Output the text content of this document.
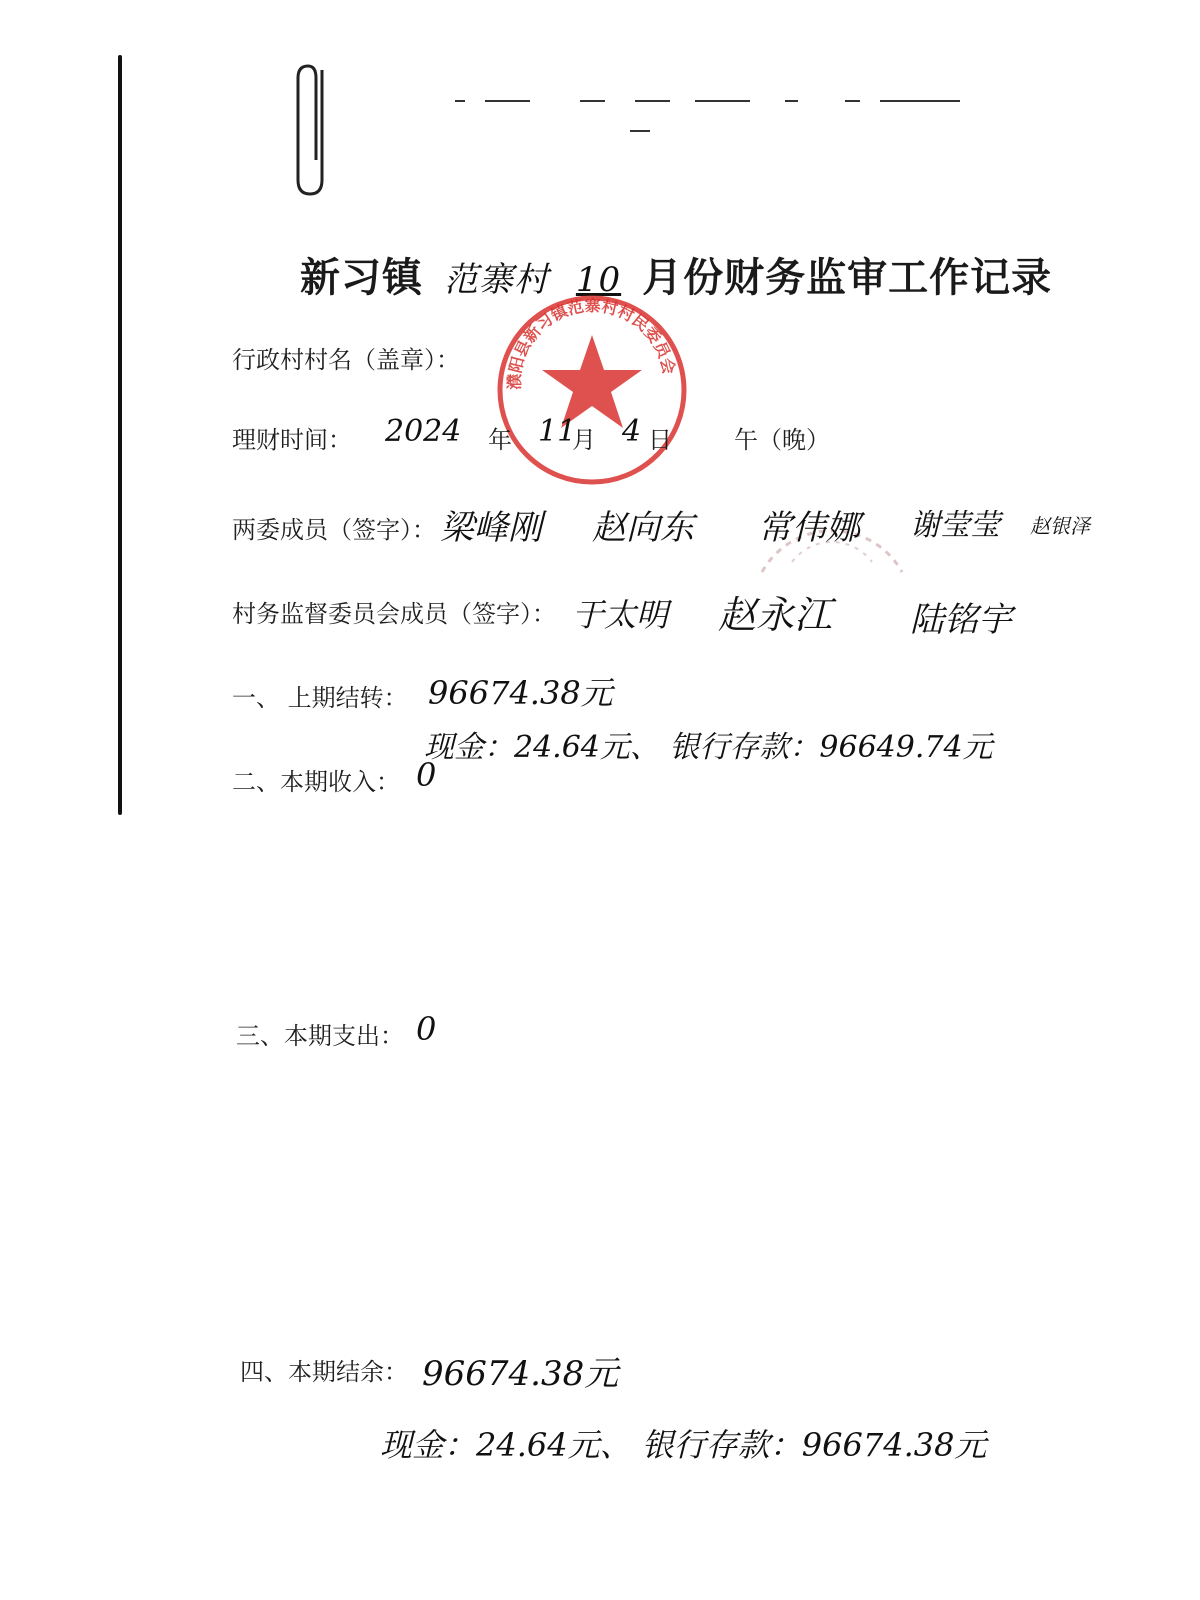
新习镇 范寨村 10 月份财务监审工作记录
濮阳县新习镇范寨村村民委员会
行政村村名（盖章）：
理财时间： 2024 年 11
月 4 日	午（晚）
两委成员（签字）： 梁峰刚 赵向东 常伟娜 谢莹莹 赵银泽
村务监督委员会成员（签字）： 于太明 赵永江 陆铭宇
一、 上期结转： 96674.38元
现金：24.64元、 银行存款：96649.74元
二、本期收入： 0
三、本期支出： 0
四、本期结余： 96674.38元
现金：24.64元、 银行存款：96674.38元
